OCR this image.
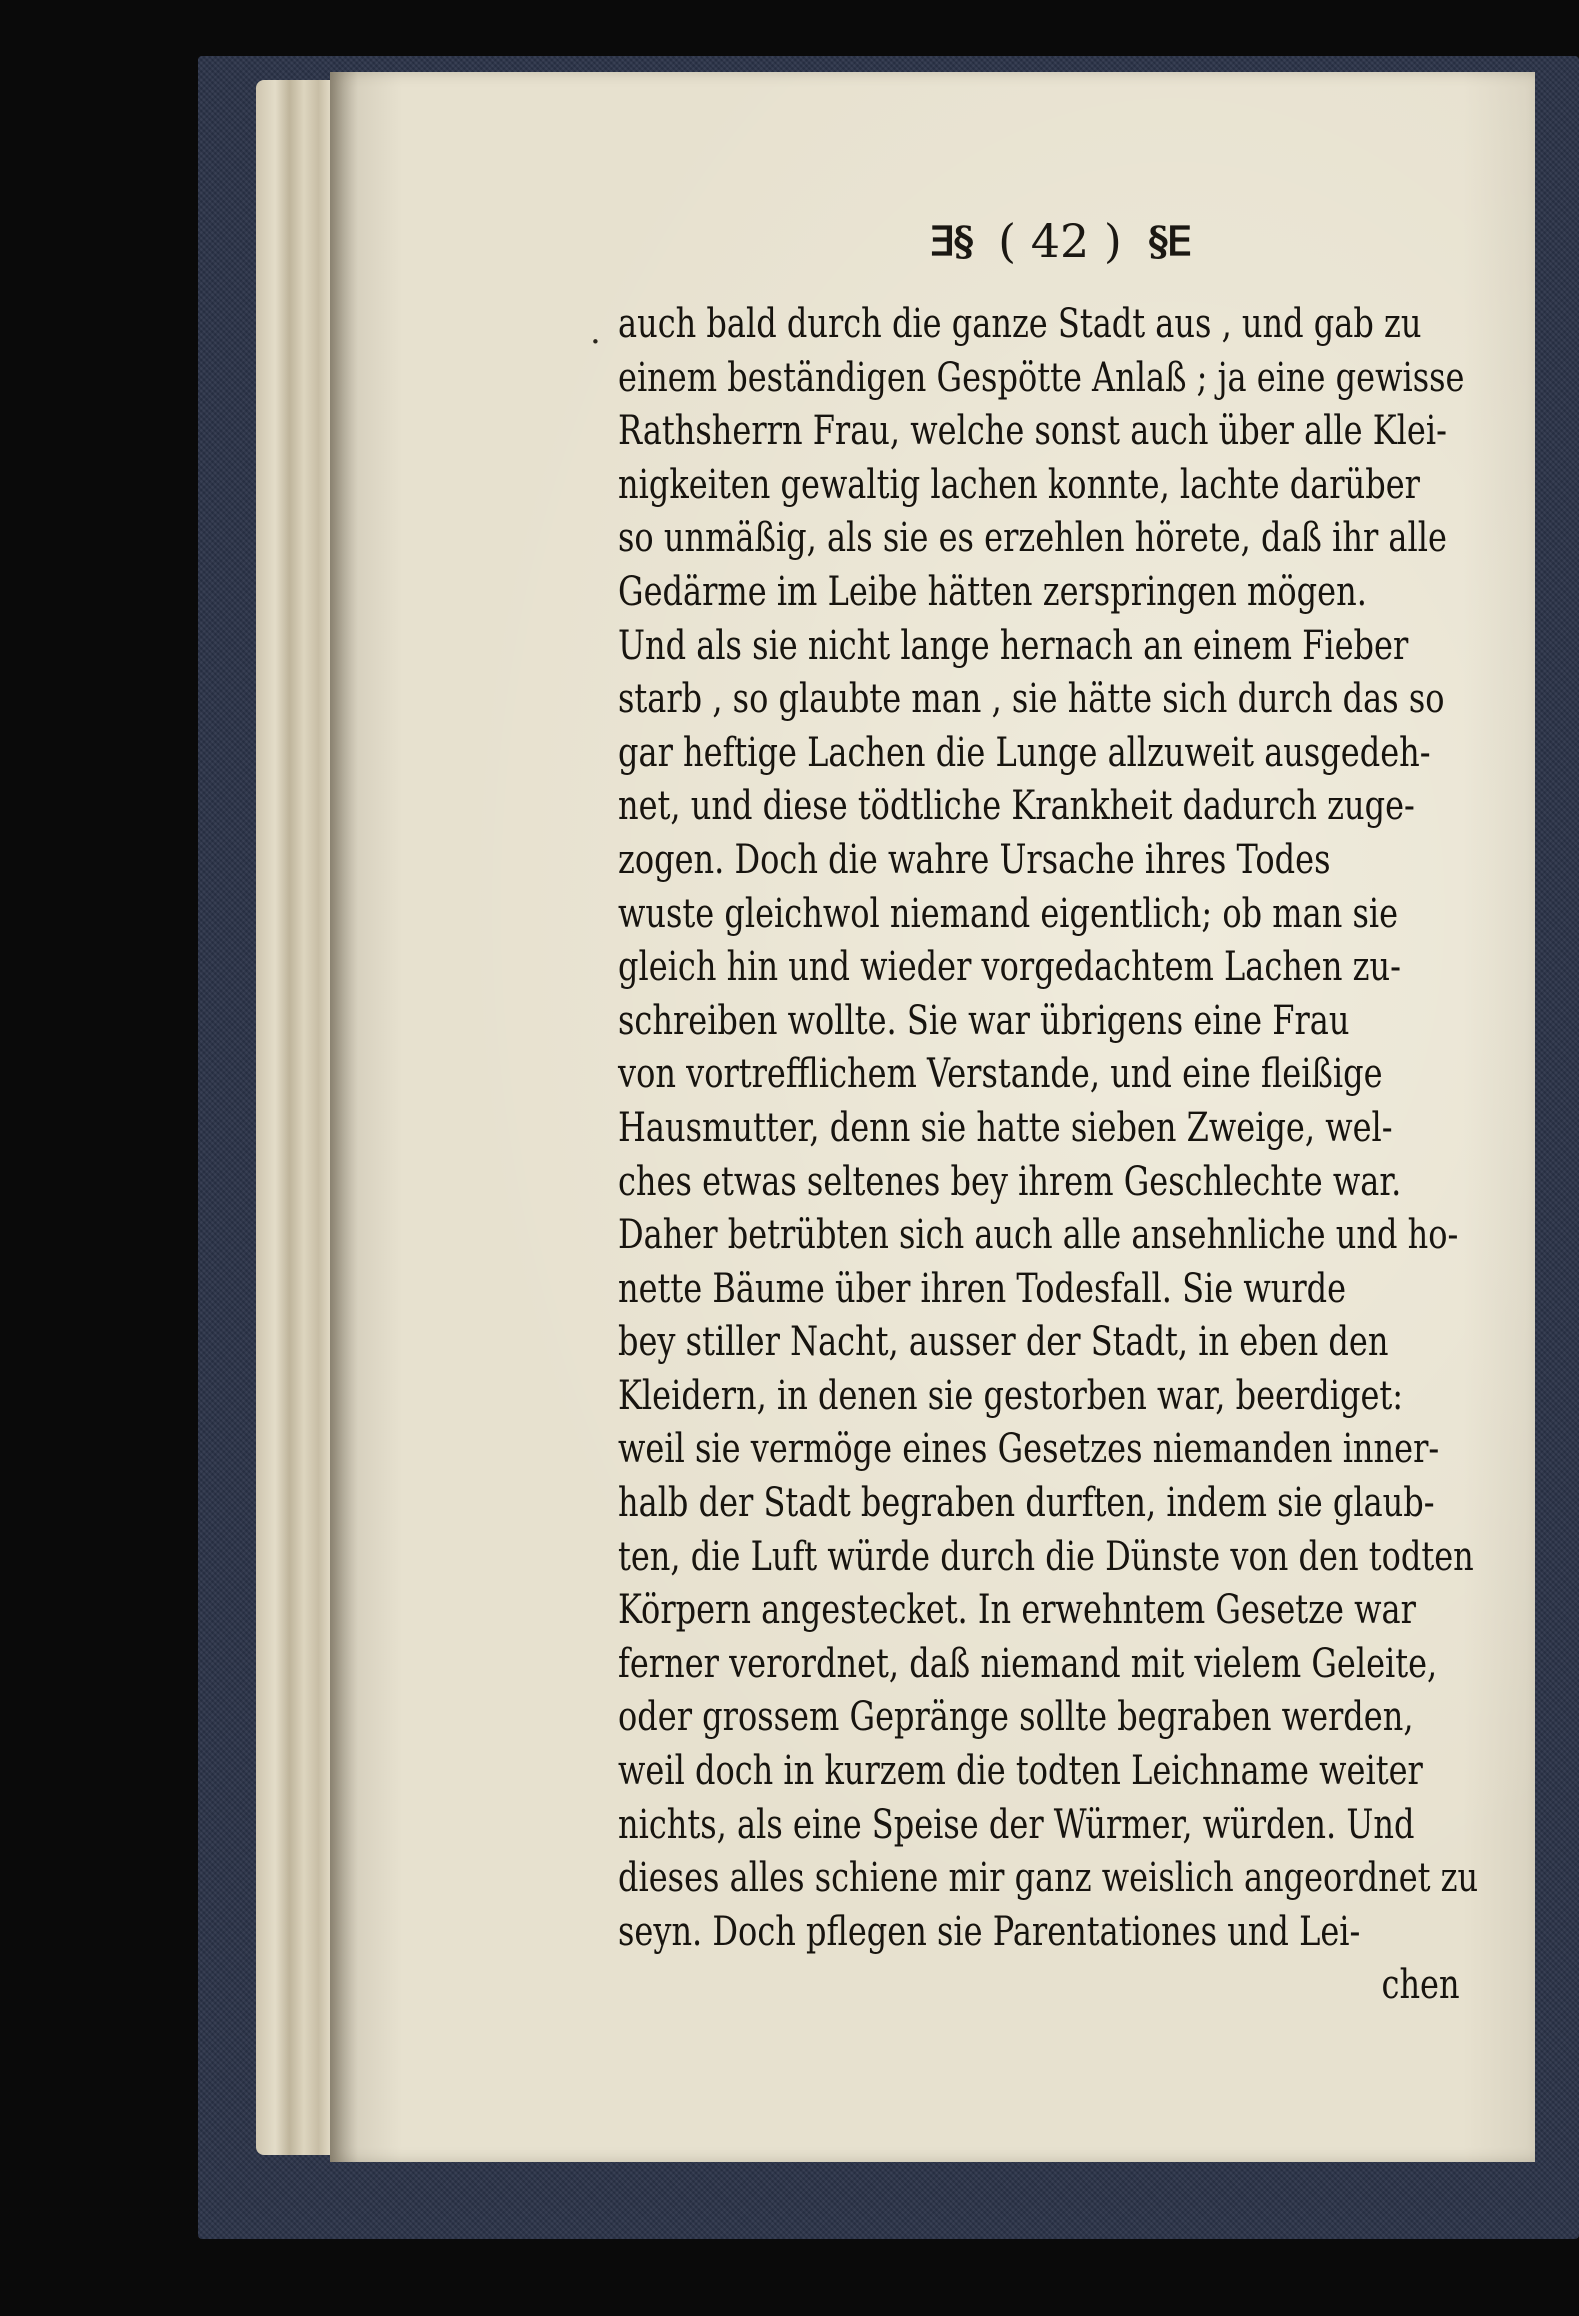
ⴺ§ ( 42 ) §ⴹ
. auch bald durch die ganze Stadt aus , und gab zu
einem beständigen Gespötte Anlaß ; ja eine gewisse
Rathsherrn Frau, welche sonst auch über alle Klei-
nigkeiten gewaltig lachen konnte, lachte darüber
so unmäßig, als sie es erzehlen hörete, daß ihr alle
Gedärme im Leibe hätten zerspringen mögen.
Und als sie nicht lange hernach an einem Fieber
starb , so glaubte man , sie hätte sich durch das so
gar heftige Lachen die Lunge allzuweit ausgedeh-
net, und diese tödtliche Krankheit dadurch zuge-
zogen. Doch die wahre Ursache ihres Todes
wuste gleichwol niemand eigentlich; ob man sie
gleich hin und wieder vorgedachtem Lachen zu-
schreiben wollte. Sie war übrigens eine Frau
von vortrefflichem Verstande, und eine fleißige
Hausmutter, denn sie hatte sieben Zweige, wel-
ches etwas seltenes bey ihrem Geschlechte war.
Daher betrübten sich auch alle ansehnliche und ho-
nette Bäume über ihren Todesfall. Sie wurde
bey stiller Nacht, ausser der Stadt, in eben den
Kleidern, in denen sie gestorben war, beerdiget:
weil sie vermöge eines Gesetzes niemanden inner-
halb der Stadt begraben durften, indem sie glaub-
ten, die Luft würde durch die Dünste von den todten
Körpern angestecket. In erwehntem Gesetze war
ferner verordnet, daß niemand mit vielem Geleite,
oder grossem Gepränge sollte begraben werden,
weil doch in kurzem die todten Leichname weiter
nichts, als eine Speise der Würmer, würden. Und
dieses alles schiene mir ganz weislich angeordnet zu
seyn. Doch pflegen sie Parentationes und Lei-
chen
